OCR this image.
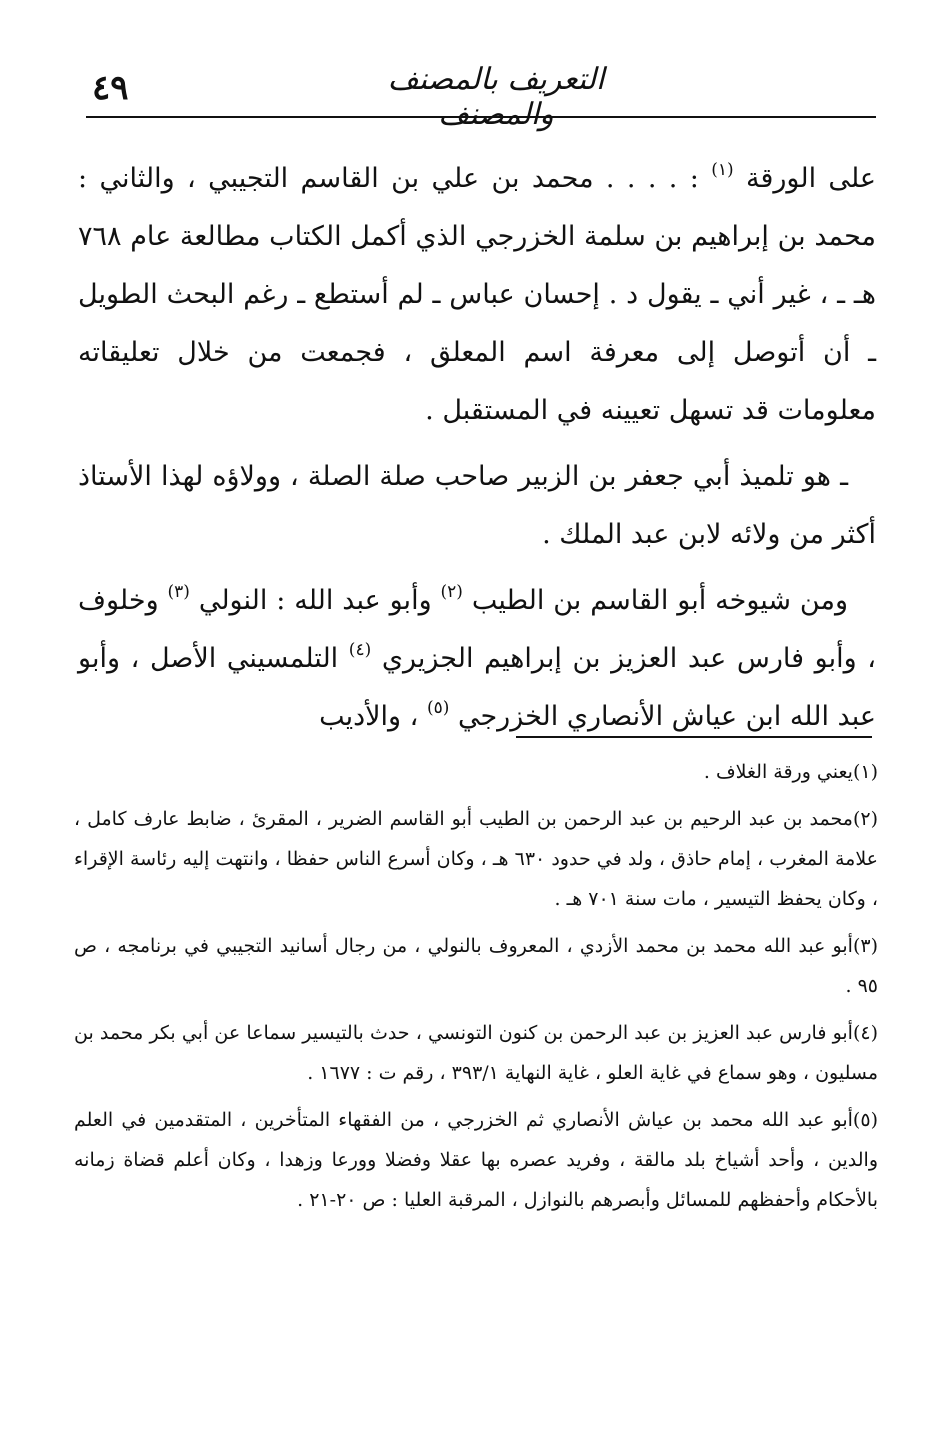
٤٩	التعريف بالمصنف والمصنف

على الورقة $^{(١)}$ : . . . . محمد بن علي بن القاسم التجيبي ، والثاني : محمد بن إبراهيم بن سلمة الخزرجي الذي أكمل الكتاب مطالعة عام ٧٦٨ هـ ـ ، غير أني ـ يقول د . إحسان عباس ـ لم أستطع ـ رغم البحث الطويل ـ أن أتوصل إلى معرفة اسم المعلق ، فجمعت من خلال تعليقاته معلومات قد تسهل تعيينه في المستقبل .

ـ هو تلميذ أبي جعفر بن الزبير صاحب صلة الصلة ، وولاؤه لهذا الأستاذ أكثر من ولائه لابن عبد الملك .

ومن شيوخه أبو القاسم بن الطيب $^{(٢)}$ وأبو عبد الله : النولي $^{(٣)}$ وخلوف ، وأبو فارس عبد العزيز بن إبراهيم الجزيري $^{(٤)}$ التلمسيني الأصل ، وأبو عبد الله ابن عياش الأنصاري الخزرجي $^{(٥)}$ ، والأديب

(١)يعني ورقة الغلاف .

(٢)محمد بن عبد الرحيم بن عبد الرحمن بن الطيب أبو القاسم الضرير ، المقرئ ، ضابط عارف كامل ، علامة المغرب ، إمام حاذق ، ولد في حدود ٦٣٠ هـ ، وكان أسرع الناس حفظا ، وانتهت إليه رئاسة الإقراء ، وكان يحفظ التيسير ، مات سنة ٧٠١ هـ .

(٣)أبو عبد الله محمد بن محمد الأزدي ، المعروف بالنولي ، من رجال أسانيد التجيبي في برنامجه ، ص ٩٥ .

(٤)أبو فارس عبد العزيز بن عبد الرحمن بن كنون التونسي ، حدث بالتيسير سماعا عن أبي بكر محمد بن مسليون ، وهو سماع في غاية العلو ، غاية النهاية ٣٩٣/١ ، رقم ت : ١٦٧٧ .

(٥)أبو عبد الله محمد بن عياش الأنصاري ثم الخزرجي ، من الفقهاء المتأخرين ، المتقدمين في العلم والدين ، وأحد أشياخ بلد مالقة ، وفريد عصره بها عقلا وفضلا وورعا وزهدا ، وكان أعلم قضاة زمانه بالأحكام وأحفظهم للمسائل وأبصرهم بالنوازل ، المرقبة العليا : ص ٢٠-٢١ .
